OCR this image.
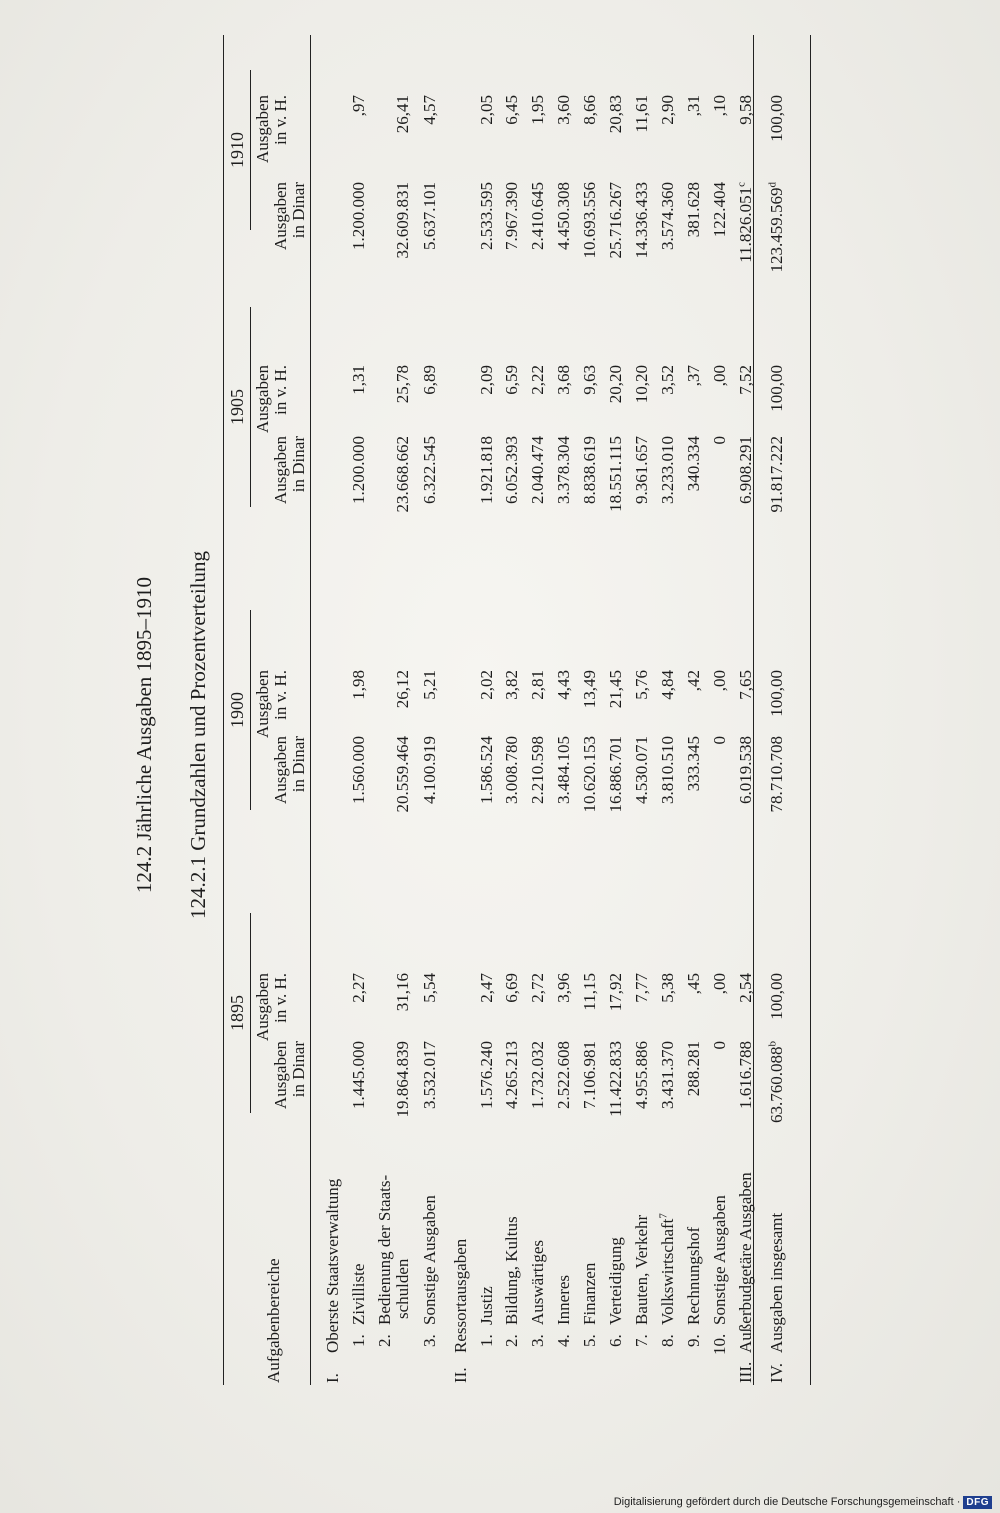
124.2 Jährliche Ausgaben 1895–1910 124.2.1 Grundzahlen und Prozentverteilung
Aufgabenbereiche
1895
Ausgaben in Dinar
Ausgaben in v. H.
1900
Ausgaben in Dinar
Ausgaben in v. H.
1905
Ausgaben in Dinar
Ausgaben in v. H.
1910
Ausgaben in Dinar
Ausgaben in v. H.
I.
Oberste Staatsverwaltung 1.
Zivilliste
1.445.000
2,27
1.560.000
1,98
1.200.000
1,31
1.200.000
,97
2.
Bedienung der Staats- schulden
19.864.839
31,16
20.559.464
26,12
23.668.662
25,78
32.609.831
26,41
3.
Sonstige Ausgaben
3.532.017
5,54
4.100.919
5,21
6.322.545
6,89
5.637.101
4,57
II.
Ressortausgaben 1.
Justiz
1.576.240
2,47
1.586.524
2,02
1.921.818
2,09
2.533.595
2,05
2.
Bildung, Kultus
4.265.213
6,69
3.008.780
3,82
6.052.393
6,59
7.967.390
6,45
3.
Auswärtiges
1.732.032
2,72
2.210.598
2,81
2.040.474
2,22
2.410.645
1,95
4.
Inneres
2.522.608
3,96
3.484.105
4,43
3.378.304
3,68
4.450.308
3,60
5.
Finanzen
7.106.981
11,15
10.620.153
13,49
8.838.619
9,63
10.693.556
8,66
6.
Verteidigung
11.422.833
17,92
16.886.701
21,45
18.551.115
20,20
25.716.267
20,83
7.
Bauten, Verkehr
4.955.886
7,77
4.530.071
5,76
9.361.657
10,20
14.336.433
11,61
8.
Volkswirtschaft$^7$
3.431.370
5,38
3.810.510
4,84
3.233.010
3,52
3.574.360
2,90
9.
Rechnungshof
288.281
,45
333.345
,42
340.334
,37
381.628
,31
10.
Sonstige Ausgaben
0
,00
0
,00
0
,00
122.404
,10
III.
Außerbudgetäre Ausgaben
1.616.788
2,54
6.019.538
7,65
6.908.291
7,52
11.826.051$^c$
9,58
IV.
Ausgaben insgesamt
63.760.088$^b$
100,00
78.710.708
100,00
91.817.222
100,00
123.459.569$^d$
100,00
Digitalisierung gefördert durch die Deutsche Forschungsgemeinschaft · DFG
